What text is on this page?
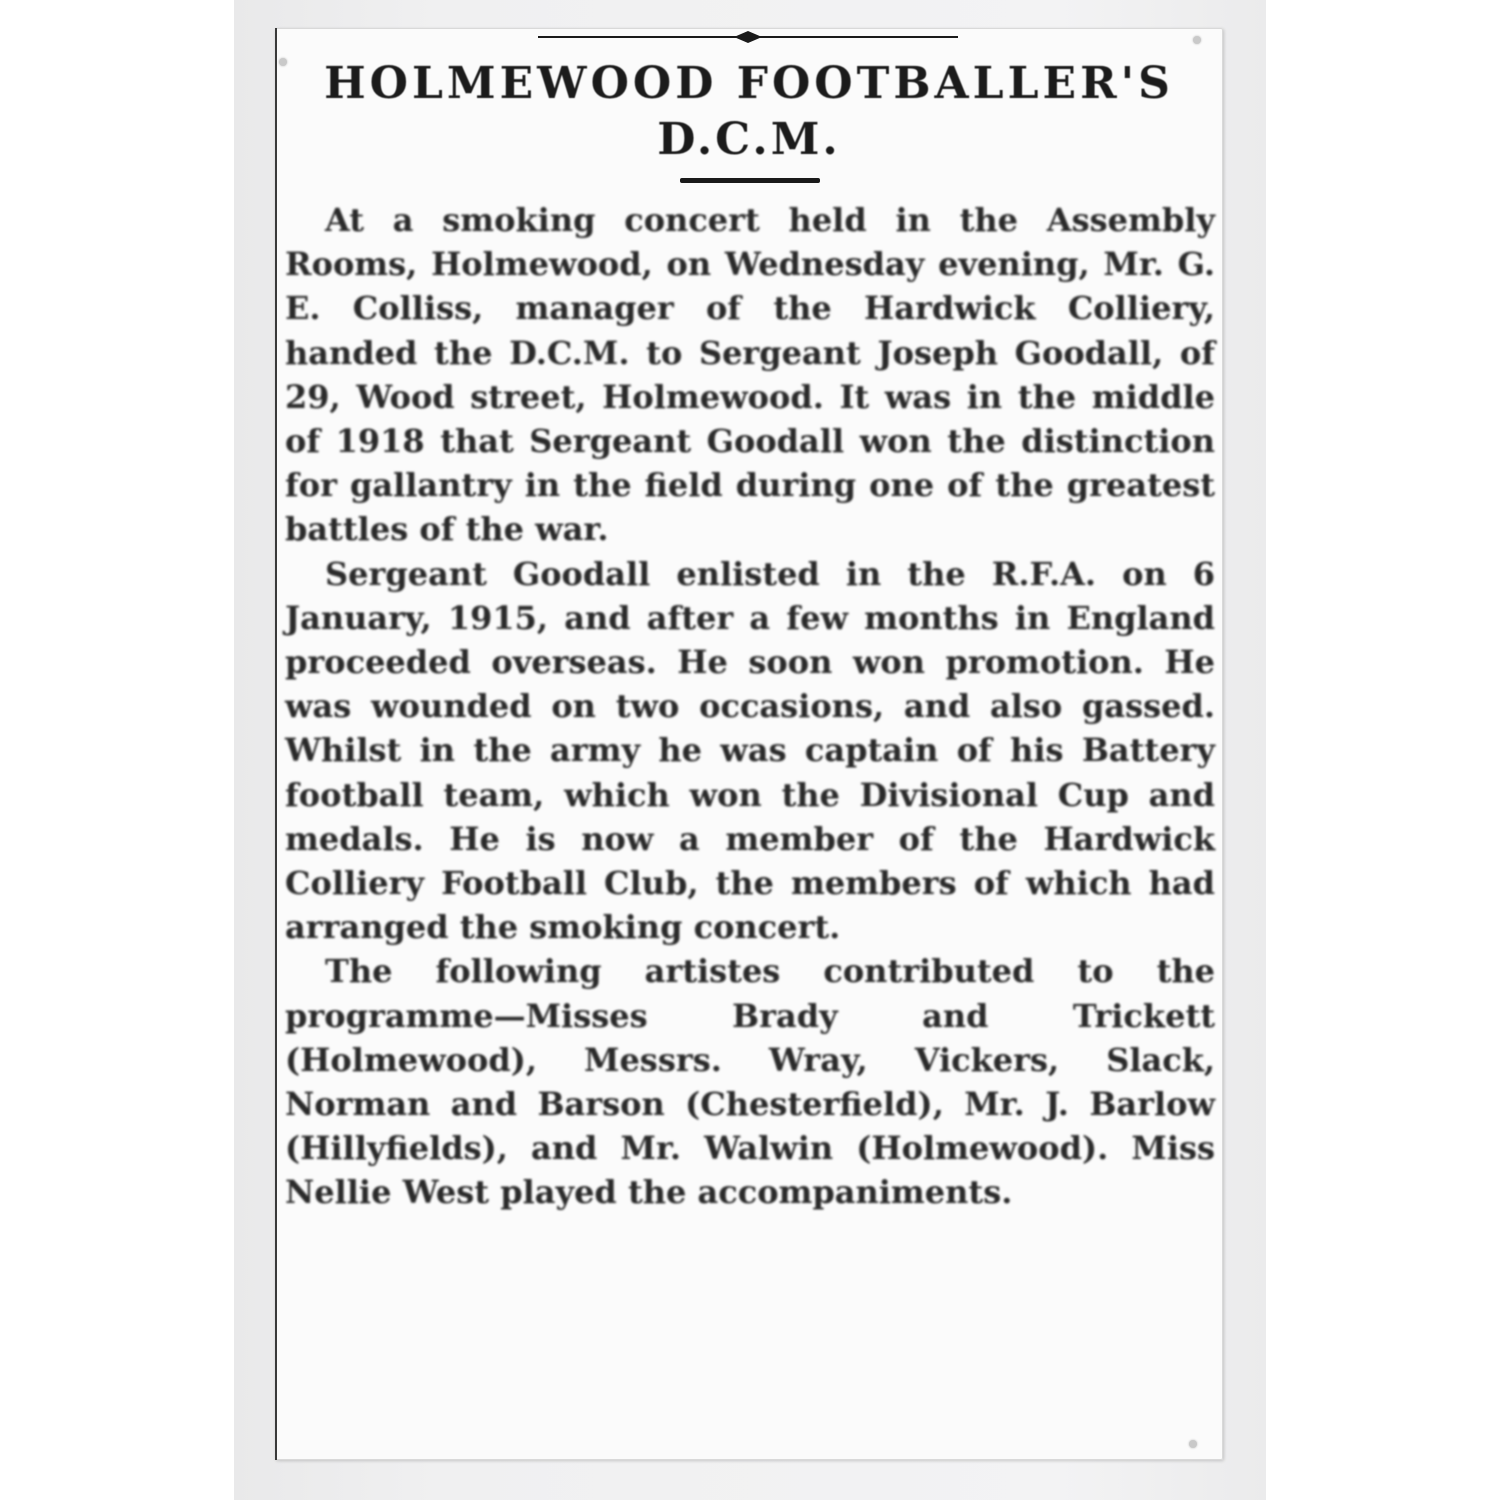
HOLMEWOOD FOOTBALLER'S
D.C.M.

At a smoking concert held in the Assembly Rooms, Holmewood, on Wednesday evening, Mr. G. E. Colliss, manager of the Hardwick Colliery, handed the D.C.M. to Sergeant Joseph Goodall, of 29, Wood street, Holmewood. It was in the middle of 1918 that Sergeant Goodall won the distinction for gallantry in the field during one of the greatest battles of the war.

Sergeant Goodall enlisted in the R.F.A. on 6 January, 1915, and after a few months in England proceeded overseas. He soon won promotion. He was wounded on two occasions, and also gassed. Whilst in the army he was captain of his Battery football team, which won the Divisional Cup and medals. He is now a member of the Hardwick Colliery Football Club, the members of which had arranged the smoking concert.

The following artistes contributed to the programme—Misses Brady and Trickett (Holmewood), Messrs. Wray, Vickers, Slack, Norman and Barson (Chesterfield), Mr. J. Barlow (Hillyfields), and Mr. Walwin (Holmewood). Miss Nellie West played the accompaniments.
